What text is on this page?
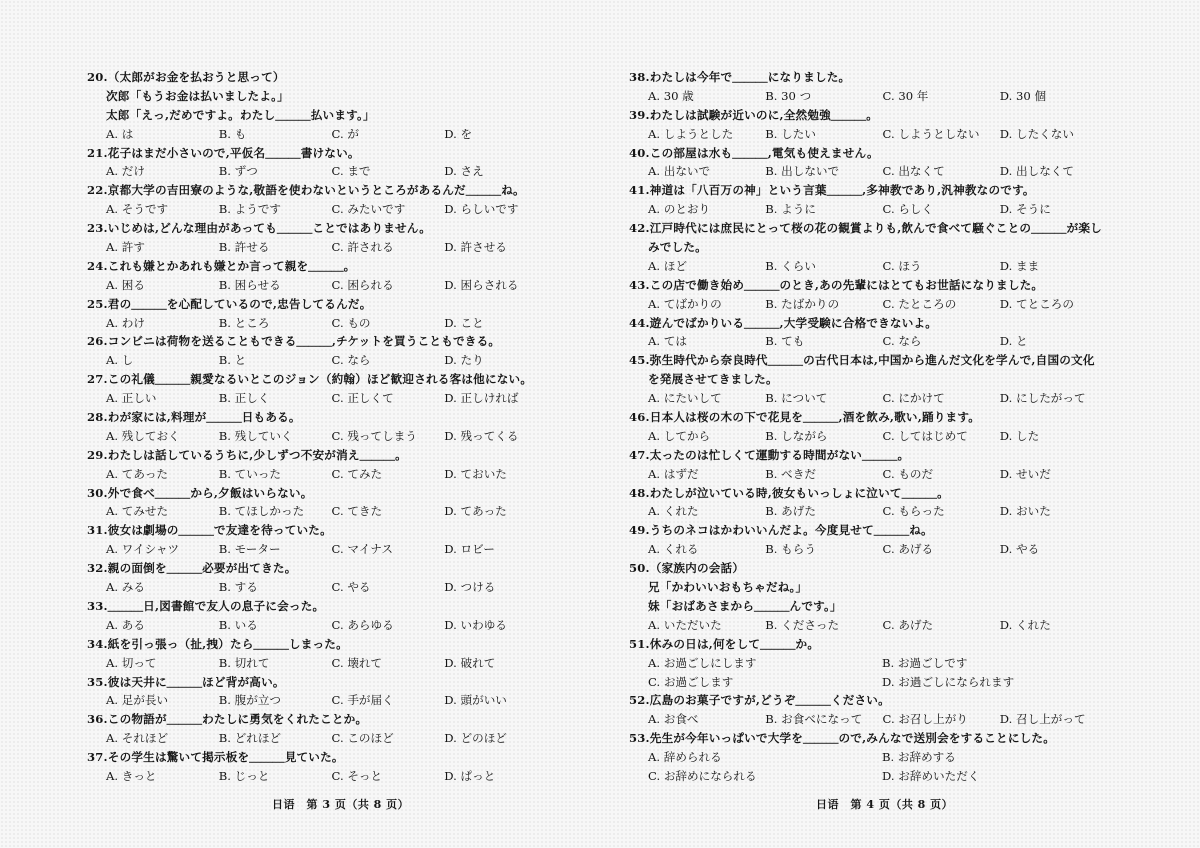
20.（太郎がお金を払おうと思って）
次郎「もうお金は払いましたよ。」
太郎「えっ,だめですよ。わたし＿＿＿払います。」
A. は	B. も	C. が	D. を
21.花子はまだ小さいので,平仮名＿＿＿書けない。
A. だけ	B. ずつ	C. まで	D. さえ
22.京都大学の吉田寮のような,敬語を使わないというところがあるんだ＿＿＿ね。
A. そうです	B. ようです	C. みたいです	D. らしいです
23.いじめは,どんな理由があっても＿＿＿ことではありません。
A. 許す	B. 許せる	C. 許される	D. 許させる
24.これも嫌とかあれも嫌とか言って親を＿＿＿。
A. 困る	B. 困らせる	C. 困られる	D. 困らされる
25.君の＿＿＿を心配しているので,忠告してるんだ。
A. わけ	B. ところ	C. もの	D. こと
26.コンビニは荷物を送ることもできる＿＿＿,チケットを買うこともできる。
A. し	B. と	C. なら	D. たり
27.この礼儀＿＿＿親愛なるいとこのジョン（約翰）ほど歓迎される客は他にない。
A. 正しい	B. 正しく	C. 正しくて	D. 正しければ
28.わが家には,料理が＿＿＿日もある。
A. 残しておく	B. 残していく	C. 残ってしまう	D. 残ってくる
29.わたしは話しているうちに,少しずつ不安が消え＿＿＿。
A. てあった	B. ていった	C. てみた	D. ておいた
30.外で食べ＿＿＿から,夕飯はいらない。
A. てみせた	B. てほしかった	C. てきた	D. てあった
31.彼女は劇場の＿＿＿で友達を待っていた。
A. ワイシャツ	B. モーター	C. マイナス	D. ロビー
32.親の面倒を＿＿＿必要が出てきた。
A. みる	B. する	C. やる	D. つける
33.＿＿＿日,図書館で友人の息子に会った。
A. ある	B. いる	C. あらゆる	D. いわゆる
34.紙を引っ張っ（扯,拽）たら＿＿＿しまった。
A. 切って	B. 切れて	C. 壊れて	D. 破れて
35.彼は天井に＿＿＿ほど背が高い。
A. 足が長い	B. 腹が立つ	C. 手が届く	D. 頭がいい
36.この物語が＿＿＿わたしに勇気をくれたことか。
A. それほど	B. どれほど	C. このほど	D. どのほど
37.その学生は驚いて掲示板を＿＿＿見ていた。
A. きっと	B. じっと	C. そっと	D. ぱっと
38.わたしは今年で＿＿＿になりました。
A. 30 歳	B. 30 つ	C. 30 年	D. 30 個
39.わたしは試験が近いのに,全然勉強＿＿＿。
A. しようとした	B. したい	C. しようとしない	D. したくない
40.この部屋は水も＿＿＿,電気も使えません。
A. 出ないで	B. 出しないで	C. 出なくて	D. 出しなくて
41.神道は「八百万の神」という言葉＿＿＿,多神教であり,汎神教なのです。
A. のとおり	B. ように	C. らしく	D. そうに
42.江戸時代には庶民にとって桜の花の観賞よりも,飲んで食べて騒ぐことの＿＿＿が楽し
みでした。
A. ほど	B. くらい	C. ほう	D. まま
43.この店で働き始め＿＿＿のとき,あの先輩にはとてもお世話になりました。
A. てばかりの	B. たばかりの	C. たところの	D. てところの
44.遊んでばかりいる＿＿＿,大学受験に合格できないよ。
A. ては	B. ても	C. なら	D. と
45.弥生時代から奈良時代＿＿＿の古代日本は,中国から進んだ文化を学んで,自国の文化
を発展させてきました。
A. にたいして	B. について	C. にかけて	D. にしたがって
46.日本人は桜の木の下で花見を＿＿＿,酒を飲み,歌い,踊ります。
A. してから	B. しながら	C. してはじめて	D. した
47.太ったのは忙しくて運動する時間がない＿＿＿。
A. はずだ	B. べきだ	C. ものだ	D. せいだ
48.わたしが泣いている時,彼女もいっしょに泣いて＿＿＿。
A. くれた	B. あげた	C. もらった	D. おいた
49.うちのネコはかわいいんだよ。今度見せて＿＿＿ね。
A. くれる	B. もらう	C. あげる	D. やる
50.（家族内の会話）
兄「かわいいおもちゃだね。」
妹「おばあさまから＿＿＿んです。」
A. いただいた	B. くださった	C. あげた	D. くれた
51.休みの日は,何をして＿＿＿か。
A. お過ごしにします	B. お過ごしです
C. お過ごします	D. お過ごしになられます
52.広島のお菓子ですが,どうぞ＿＿＿ください。
A. お食べ	B. お食べになって	C. お召し上がり	D. 召し上がって
53.先生が今年いっぱいで大学を＿＿＿ので,みんなで送別会をすることにした。
A. 辞められる	B. お辞めする
C. お辞めになられる	D. お辞めいただく
日语　第 3 页（共 8 页）	日语　第 4 页（共 8 页）
